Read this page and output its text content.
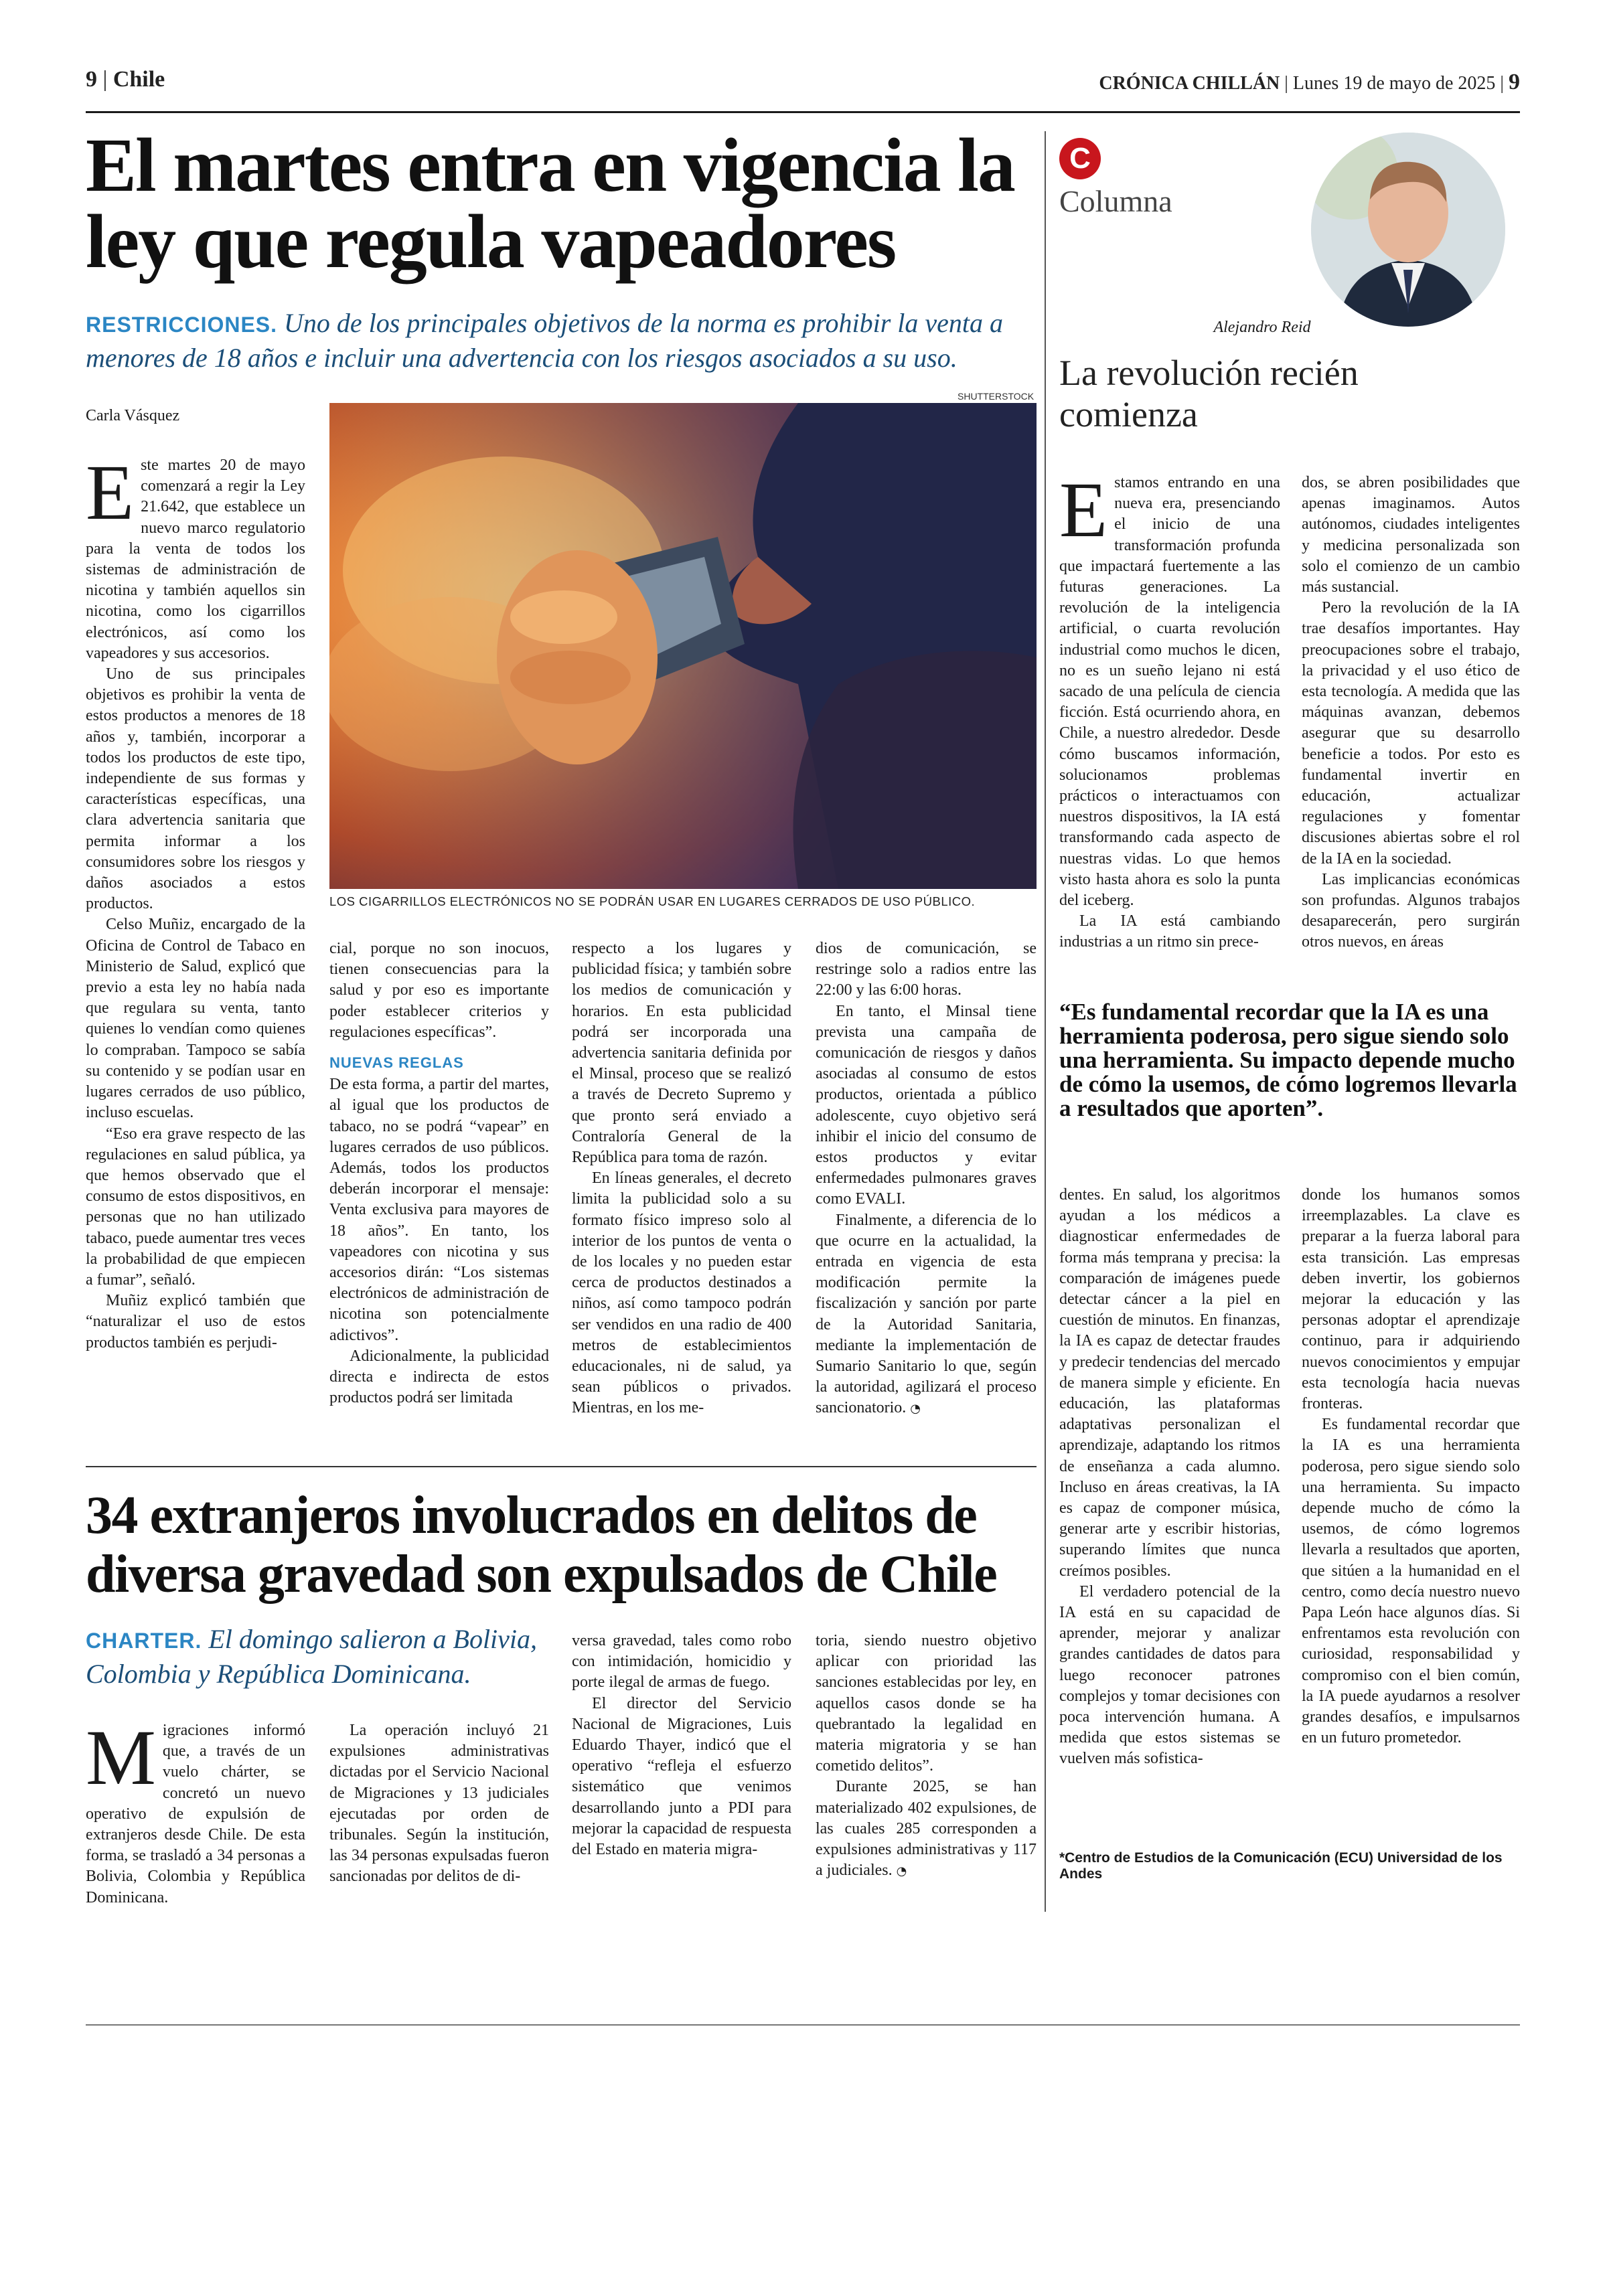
9 | Chile	CRÓNICA CHILLÁN | Lunes 19 de mayo de 2025 | 9
El martes entra en vigencia la
ley que regula vapeadores
RESTRICCIONES. Uno de los principales objetivos de la norma es prohibir la venta a menores de 18 años e incluir una advertencia con los riesgos asociados a su uso.
Carla Vásquez
SHUTTERSTOCK
LOS CIGARRILLOS ELECTRÓNICOS NO SE PODRÁN USAR EN LUGARES CERRADOS DE USO PÚBLICO.
E ste martes 20 de mayo comenzará a regir la Ley 21.642, que establece un nuevo marco regulatorio para la venta de todos los sistemas de administración de nicotina y también aquellos sin nicotina, como los cigarrillos electrónicos, así como los vapeadores y sus accesorios.

Uno de sus principales objetivos es prohibir la venta de estos productos a menores de 18 años y, también, incorporar a todos los productos de este tipo, independiente de sus formas y características específicas, una clara advertencia sanitaria que permita informar a los consumidores sobre los riesgos y daños asociados a estos productos.

Celso Muñiz, encargado de la Oficina de Control de Tabaco en Ministerio de Salud, explicó que previo a esta ley no había nada que regulara su venta, tanto quienes lo vendían como quienes lo compraban. Tampoco se sabía su contenido y se podían usar en lugares cerrados de uso público, incluso escuelas.

“Eso era grave respecto de las regulaciones en salud pública, ya que hemos observado que el consumo de estos dispositivos, en personas que no han utilizado tabaco, puede aumentar tres veces la probabilidad de que empiecen a fumar”, señaló.

Muñiz explicó también que “naturalizar el uso de estos productos también es perjudi-

cial, porque no son inocuos, tienen consecuencias para la salud y por eso es importante poder establecer criterios y regulaciones específicas”.

NUEVAS REGLAS

De esta forma, a partir del martes, al igual que los productos de tabaco, no se podrá “vapear” en lugares cerrados de uso públicos. Además, todos los productos deberán incorporar el mensaje: Venta exclusiva para mayores de 18 años”. En tanto, los vapeadores con nicotina y sus accesorios dirán: “Los sistemas electrónicos de administración de nicotina son potencialmente adictivos”.

Adicionalmente, la publicidad directa e indirecta de estos productos podrá ser limitada

respecto a los lugares y publicidad física; y también sobre los medios de comunicación y horarios. En esta publicidad podrá ser incorporada una advertencia sanitaria definida por el Minsal, proceso que se realizó a través de Decreto Supremo y que pronto será enviado a Contraloría General de la República para toma de razón.

En líneas generales, el decreto limita la publicidad solo a su formato físico impreso solo al interior de los puntos de venta o de los locales y no pueden estar cerca de productos destinados a niños, así como tampoco podrán ser vendidos en una radio de 400 metros de establecimientos educacionales, ni de salud, ya sean públicos o privados. Mientras, en los me-

dios de comunicación, se restringe solo a radios entre las 22:00 y las 6:00 horas.

En tanto, el Minsal tiene prevista una campaña de comunicación de riesgos y daños asociadas al consumo de estos productos, orientada a público adolescente, cuyo objetivo será inhibir el inicio del consumo de estos productos y evitar enfermedades pulmonares graves como EVALI.

Finalmente, a diferencia de lo que ocurre en la actualidad, la entrada en vigencia de esta modificación permite la fiscalización y sanción por parte de la Autoridad Sanitaria, mediante la implementación de Sumario Sanitario lo que, según la autoridad, agilizará el proceso sancionatorio. ◔

34 extranjeros involucrados en delitos de
diversa gravedad son expulsados de Chile
CHARTER. El domingo salieron a Bolivia, Colombia y República Dominicana.
M igraciones informó que, a través de un vuelo chárter, se concretó un nuevo operativo de expulsión de extranjeros desde Chile. De esta forma, se trasladó a 34 personas a Bolivia, Colombia y República Dominicana.

La operación incluyó 21 expulsiones administrativas dictadas por el Servicio Nacional de Migraciones y 13 judiciales ejecutadas por orden de tribunales. Según la institución, las 34 personas expulsadas fueron sancionadas por delitos de di-

versa gravedad, tales como robo con intimidación, homicidio y porte ilegal de armas de fuego.

El director del Servicio Nacional de Migraciones, Luis Eduardo Thayer, indicó que el operativo “refleja el esfuerzo sistemático que venimos desarrollando junto a PDI para mejorar la capacidad de respuesta del Estado en materia migra-

toria, siendo nuestro objetivo aplicar con prioridad las sanciones establecidas por ley, en aquellos casos donde se ha quebrantado la legalidad en materia migratoria y se han cometido delitos”.

Durante 2025, se han materializado 402 expulsiones, de las cuales 285 corresponden a expulsiones administrativas y 117 a judiciales. ◔

C
Columna
Alejandro Reid
La revolución recién
comienza
E stamos entrando en una nueva era, presenciando el inicio de una transformación profunda que impactará fuertemente a las futuras generaciones. La revolución de la inteligencia artificial, o cuarta revolución industrial como muchos le dicen, no es un sueño lejano ni está sacado de una película de ciencia ficción. Está ocurriendo ahora, en Chile, a nuestro alrededor. Desde cómo buscamos información, solucionamos problemas prácticos o interactuamos con nuestros dispositivos, la IA está transformando cada aspecto de nuestras vidas. Lo que hemos visto hasta ahora es solo la punta del iceberg.

La IA está cambiando industrias a un ritmo sin prece-

dos, se abren posibilidades que apenas imaginamos. Autos autónomos, ciudades inteligentes y medicina personalizada son solo el comienzo de un cambio más sustancial.

Pero la revolución de la IA trae desafíos importantes. Hay preocupaciones sobre el trabajo, la privacidad y el uso ético de esta tecnología. A medida que las máquinas avanzan, debemos asegurar que su desarrollo beneficie a todos. Por esto es fundamental invertir en educación, actualizar regulaciones y fomentar discusiones abiertas sobre el rol de la IA en la sociedad.

Las implicancias económicas son profundas. Algunos trabajos desaparecerán, pero surgirán otros nuevos, en áreas

“Es fundamental recordar que la IA es una herramienta poderosa, pero sigue siendo solo una herramienta. Su impacto depende mucho de cómo la usemos, de cómo logremos llevarla a resultados que aporten”.

dentes. En salud, los algoritmos ayudan a los médicos a diagnosticar enfermedades de forma más temprana y precisa: la comparación de imágenes puede detectar cáncer a la piel en cuestión de minutos. En finanzas, la IA es capaz de detectar fraudes y predecir tendencias del mercado de manera simple y eficiente. En educación, las plataformas adaptativas personalizan el aprendizaje, adaptando los ritmos de enseñanza a cada alumno. Incluso en áreas creativas, la IA es capaz de componer música, generar arte y escribir historias, superando límites que nunca creímos posibles.

El verdadero potencial de la IA está en su capacidad de aprender, mejorar y analizar grandes cantidades de datos para luego reconocer patrones complejos y tomar decisiones con poca intervención humana. A medida que estos sistemas se vuelven más sofistica-

donde los humanos somos irreemplazables. La clave es preparar a la fuerza laboral para esta transición. Las empresas deben invertir, los gobiernos mejorar la educación y las personas adoptar el aprendizaje continuo, para ir adquiriendo nuevos conocimientos y empujar esta tecnología hacia nuevas fronteras.

Es fundamental recordar que la IA es una herramienta poderosa, pero sigue siendo solo una herramienta. Su impacto depende mucho de cómo la usemos, de cómo logremos llevarla a resultados que aporten, que sitúen a la humanidad en el centro, como decía nuestro nuevo Papa León hace algunos días. Si enfrentamos esta revolución con curiosidad, responsabilidad y compromiso con el bien común, la IA puede ayudarnos a resolver grandes desafíos, e impulsarnos en un futuro prometedor.

*Centro de Estudios de la Comunicación (ECU) Universidad de los Andes
